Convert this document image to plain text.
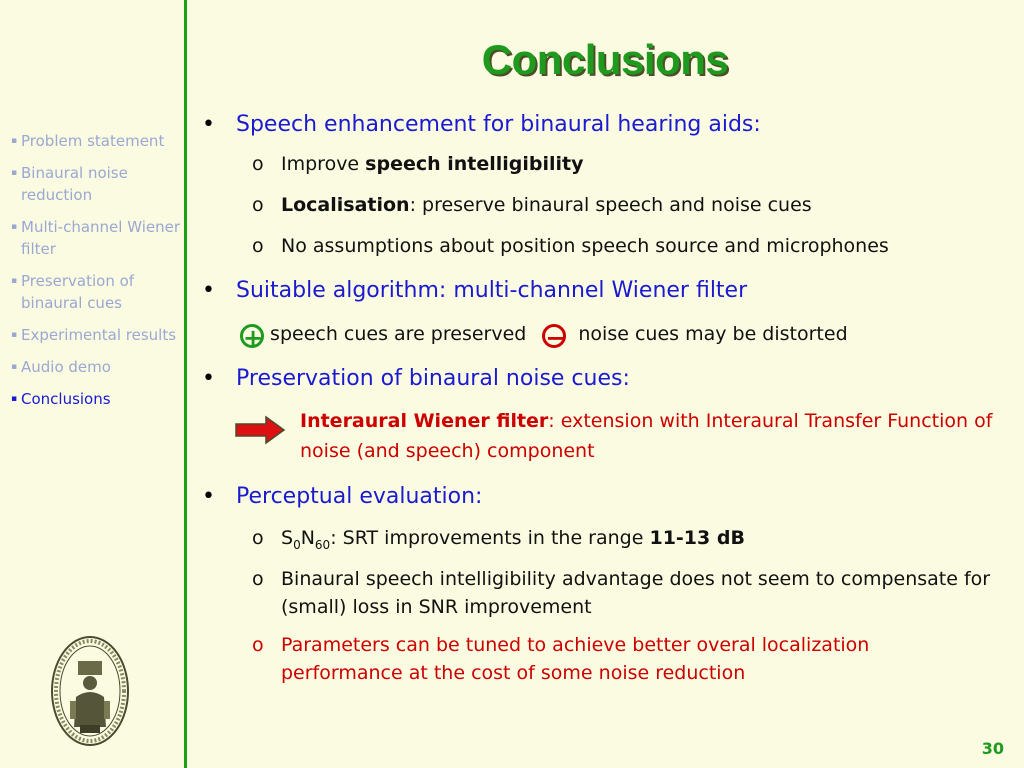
▪ Problem statement
▪ Binaural noise reduction
▪ Multi-channel Wiener filter
▪ Preservation of binaural cues
▪ Experimental results
▪ Audio demo
▪ Conclusions
Conclusions
• Speech enhancement for binaural hearing aids:
o Improve speech intelligibility
o Localisation: preserve binaural speech and noise cues
o No assumptions about position speech source and microphones
• Suitable algorithm: multi-channel Wiener filter
+ speech cues are preserved − noise cues may be distorted
• Preservation of binaural noise cues:
Interaural Wiener filter: extension with Interaural Transfer Function of noise (and speech) component
• Perceptual evaluation:
o $S_0N_{60}$: SRT improvements in the range 11-13 dB
o Binaural speech intelligibility advantage does not seem to compensate for (small) loss in SNR improvement
o Parameters can be tuned to achieve better overal localization performance at the cost of some noise reduction
30
